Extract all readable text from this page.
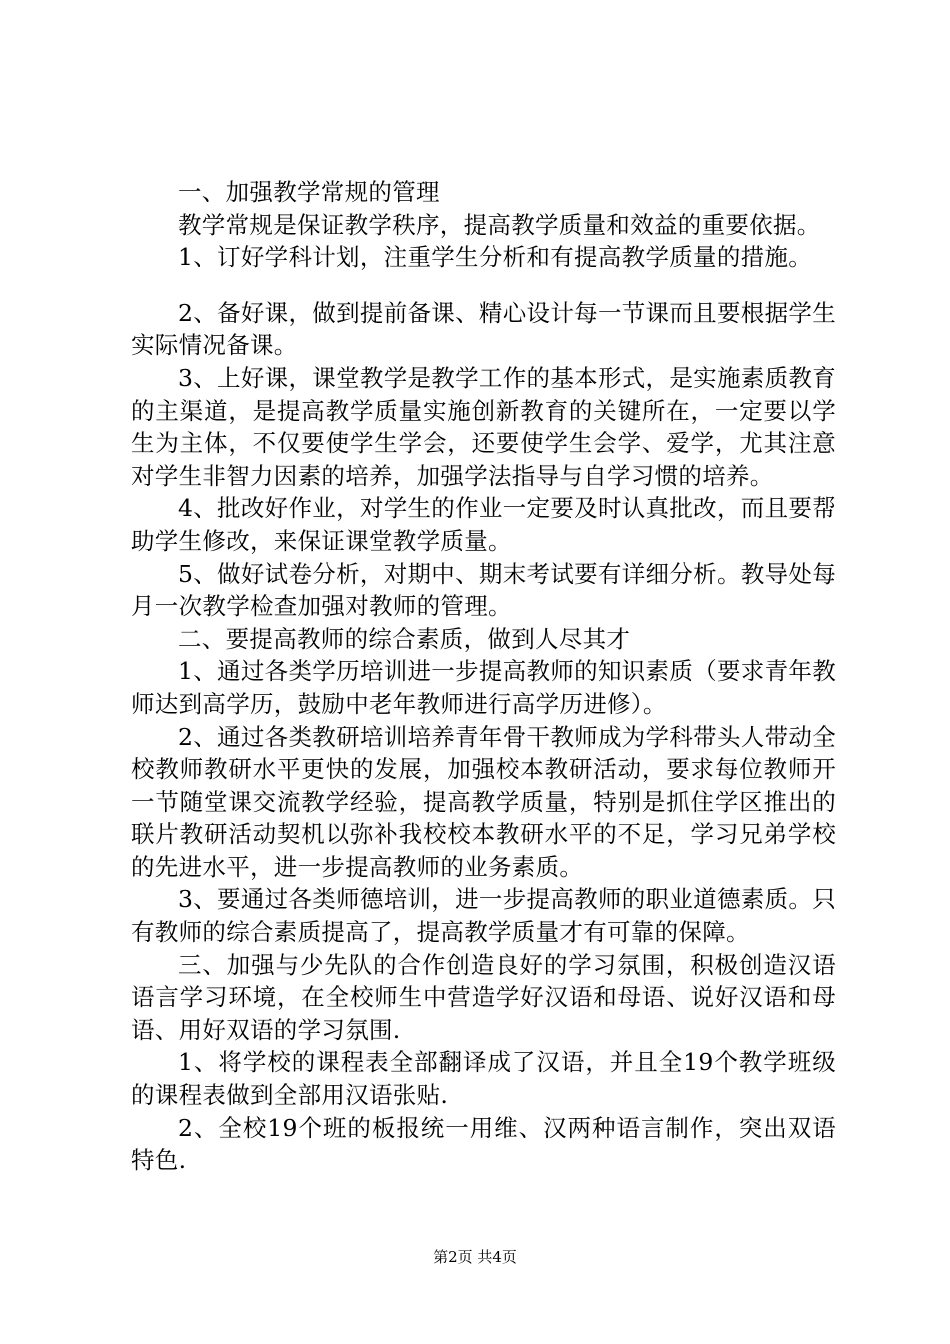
一、加强教学常规的管理

教学常规是保证教学秩序，提高教学质量和效益的重要依据。

1、订好学科计划，注重学生分析和有提高教学质量的措施。

2、备好课，做到提前备课、精心设计每一节课而且要根据学生实际情况备课。

3、上好课，课堂教学是教学工作的基本形式，是实施素质教育的主渠道，是提高教学质量实施创新教育的关键所在，一定要以学生为主体，不仅要使学生学会，还要使学生会学、爱学，尤其注意对学生非智力因素的培养，加强学法指导与自学习惯的培养。

4、批改好作业，对学生的作业一定要及时认真批改，而且要帮助学生修改，来保证课堂教学质量。

5、做好试卷分析，对期中、期末考试要有详细分析。教导处每月一次教学检查加强对教师的管理。

二、要提高教师的综合素质，做到人尽其才

1、通过各类学历培训进一步提高教师的知识素质（要求青年教师达到高学历，鼓励中老年教师进行高学历进修）。

2、通过各类教研培训培养青年骨干教师成为学科带头人带动全校教师教研水平更快的发展，加强校本教研活动，要求每位教师开一节随堂课交流教学经验，提高教学质量，特别是抓住学区推出的联片教研活动契机以弥补我校校本教研水平的不足，学习兄弟学校的先进水平，进一步提高教师的业务素质。

3、要通过各类师德培训，进一步提高教师的职业道德素质。只有教师的综合素质提高了，提高教学质量才有可靠的保障。

三、加强与少先队的合作创造良好的学习氛围，积极创造汉语语言学习环境，在全校师生中营造学好汉语和母语、说好汉语和母语、用好双语的学习氛围.

1、将学校的课程表全部翻译成了汉语，并且全19个教学班级的课程表做到全部用汉语张贴.

2、全校19个班的板报统一用维、汉两种语言制作，突出双语特色.

第2页 共4页
